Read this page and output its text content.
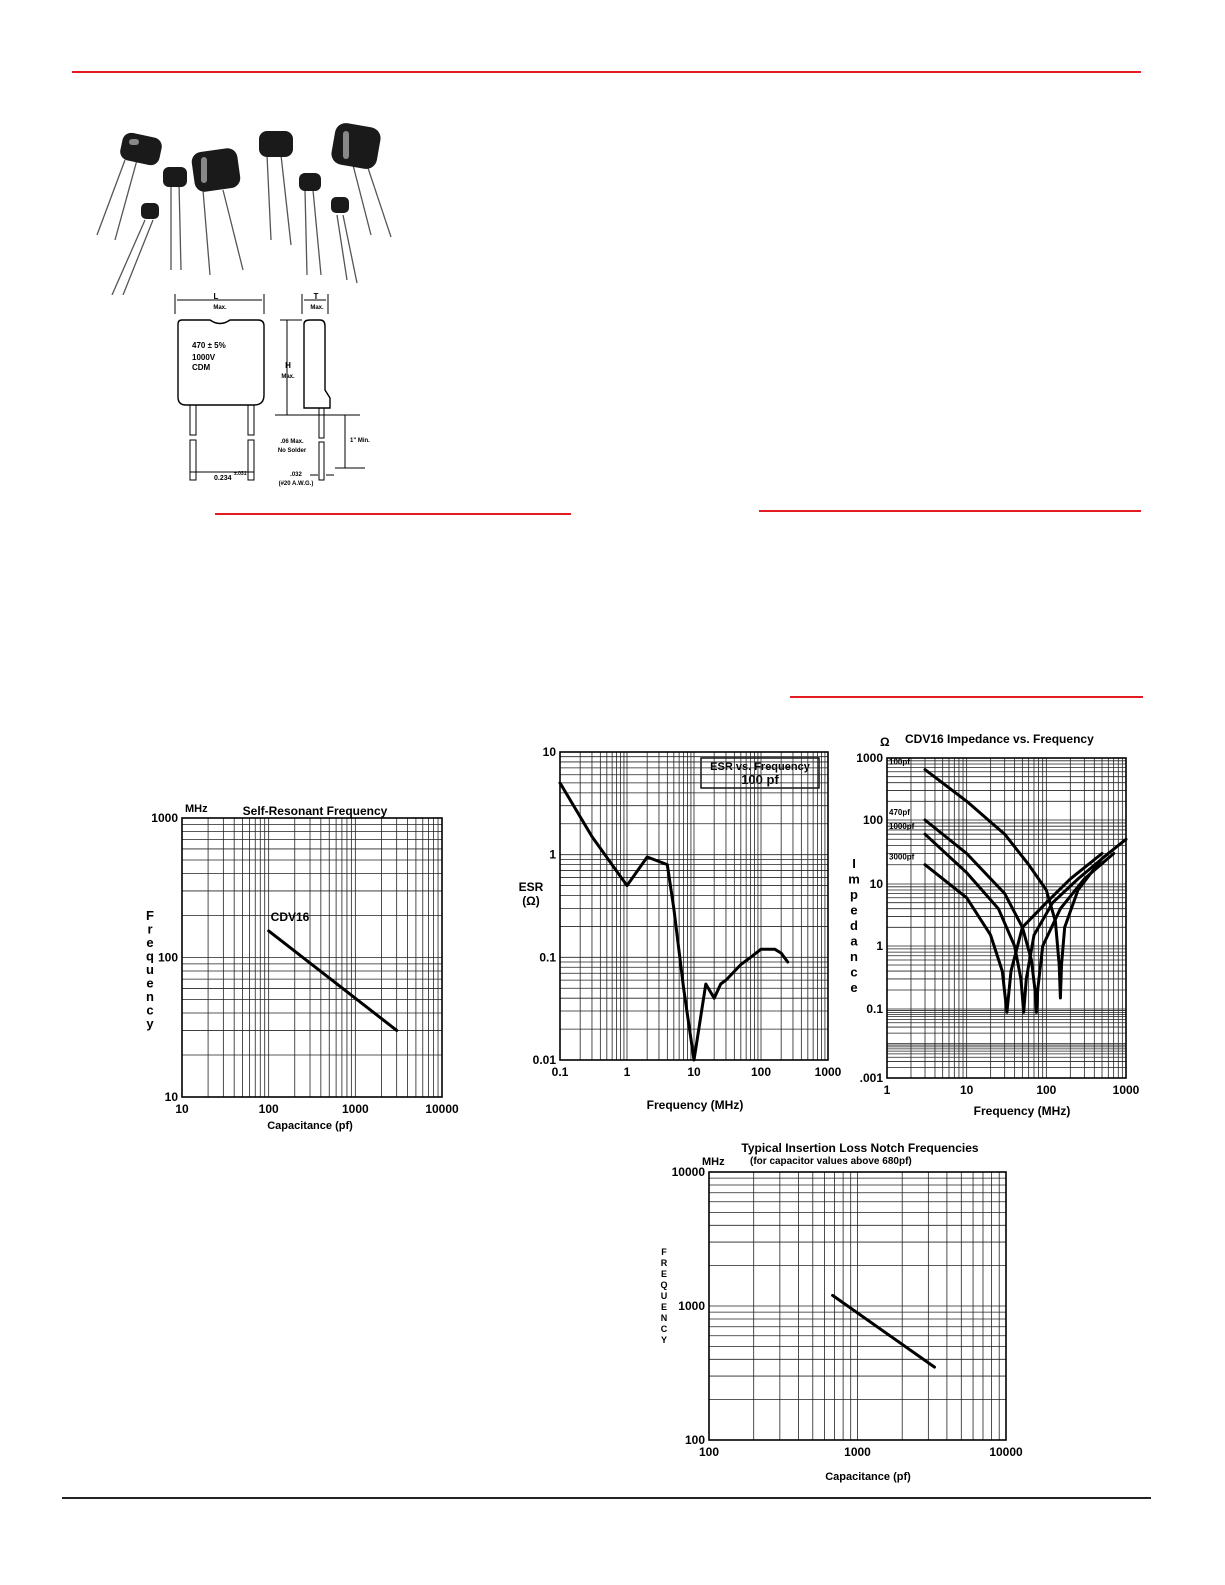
L
Max.
T
Max.
470 ± 5%
1000V
CDM	H
Max.
.06 Max.
No Solder
1" Min.
0.234
±.031	.032
(#20 A.W.G.)
MHz	Self-Resonant Frequency
Capacitance (pf)
10	100	1000	10000
10
100
1000
F
r
e
q
u
e
n
c
y
CDV16
ESR vs. Frequency
100 pf
ESR
(Ω)
Frequency (MHz)
0.1	1	10	100	1000
0.01
0.1
1
10
Ω CDV16 Impedance vs. Frequency
Frequency (MHz)
1	10	100	1000
.001
0.1
1
10
100
1000
I
m
p
e
d
a
n
c
e
100pf
470pf
1000pf
3000pf
Typical Insertion Loss Notch Frequencies
MHz	(for capacitor values above 680pf)
Capacitance (pf)
100	1000	10000
100
1000
10000
F
R
E
Q
U
E
N
C
Y
